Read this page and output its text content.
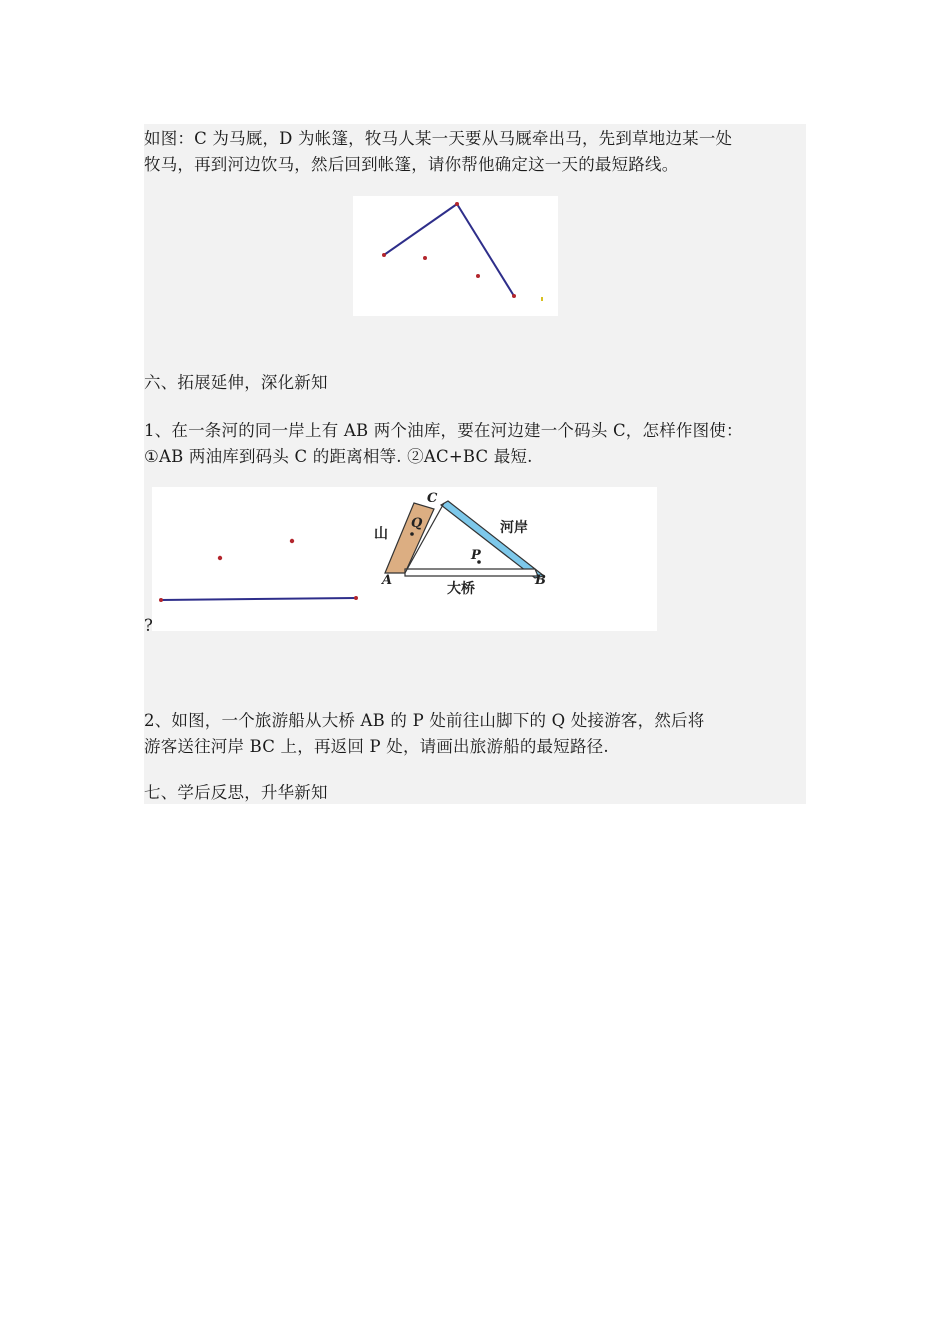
如图：C 为马厩，D 为帐篷，牧马人某一天要从马厩牵出马，先到草地边某一处
牧马，再到河边饮马，然后回到帐篷，请你帮他确定这一天的最短路线。
六、拓展延伸，深化新知
1、在一条河的同一岸上有 AB 两个油库，要在河边建一个码头 C，怎样作图使：
①AB 两油库到码头 C 的距离相等. ②AC+BC 最短.
C
Q
山	河岸
P
A	B
大桥
?
2、如图，一个旅游船从大桥 AB 的 P 处前往山脚下的 Q 处接游客，然后将
游客送往河岸 BC 上，再返回 P 处，请画出旅游船的最短路径.
七、学后反思，升华新知
